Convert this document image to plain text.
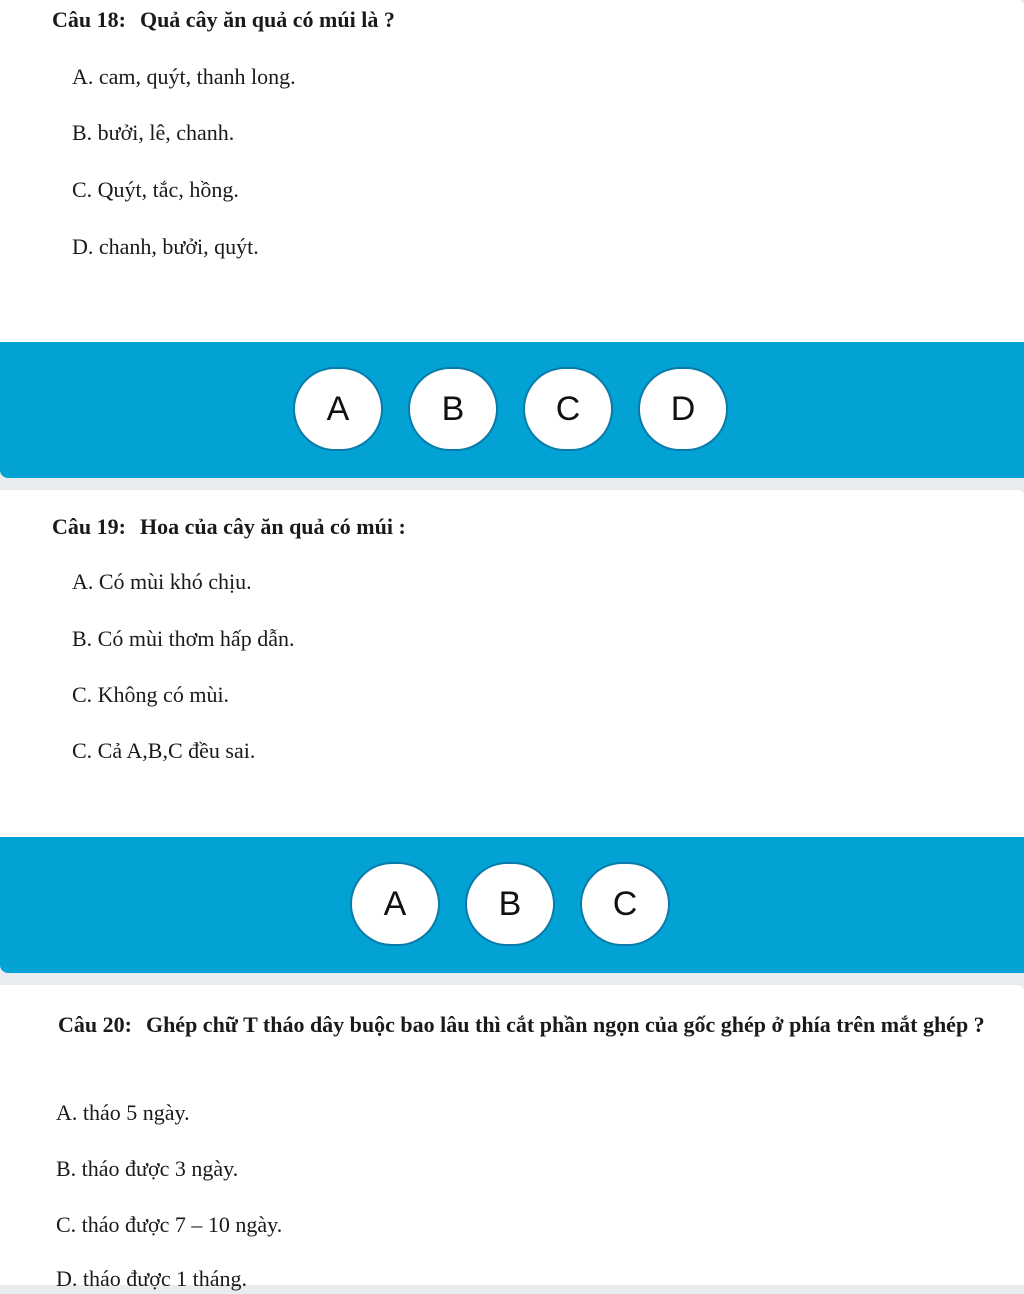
Câu 18: Quả cây ăn quả có múi là ?

A. cam, quýt, thanh long.
B. bưởi, lê, chanh.
C. Quýt, tắc, hồng.
D. chanh, bưởi, quýt.
A	B	C	D

Câu 19: Hoa của cây ăn quả có múi :

A. Có mùi khó chịu.
B. Có mùi thơm hấp dẫn.
C. Không có mùi.
C. Cả A,B,C đều sai.
A	B	C

Câu 20: Ghép chữ T tháo dây buộc bao lâu thì cắt phần ngọn của gốc ghép ở phía trên mắt ghép ?

A. tháo 5 ngày.
B. tháo được 3 ngày.
C. tháo được 7 – 10 ngày.
D. tháo được 1 tháng.
